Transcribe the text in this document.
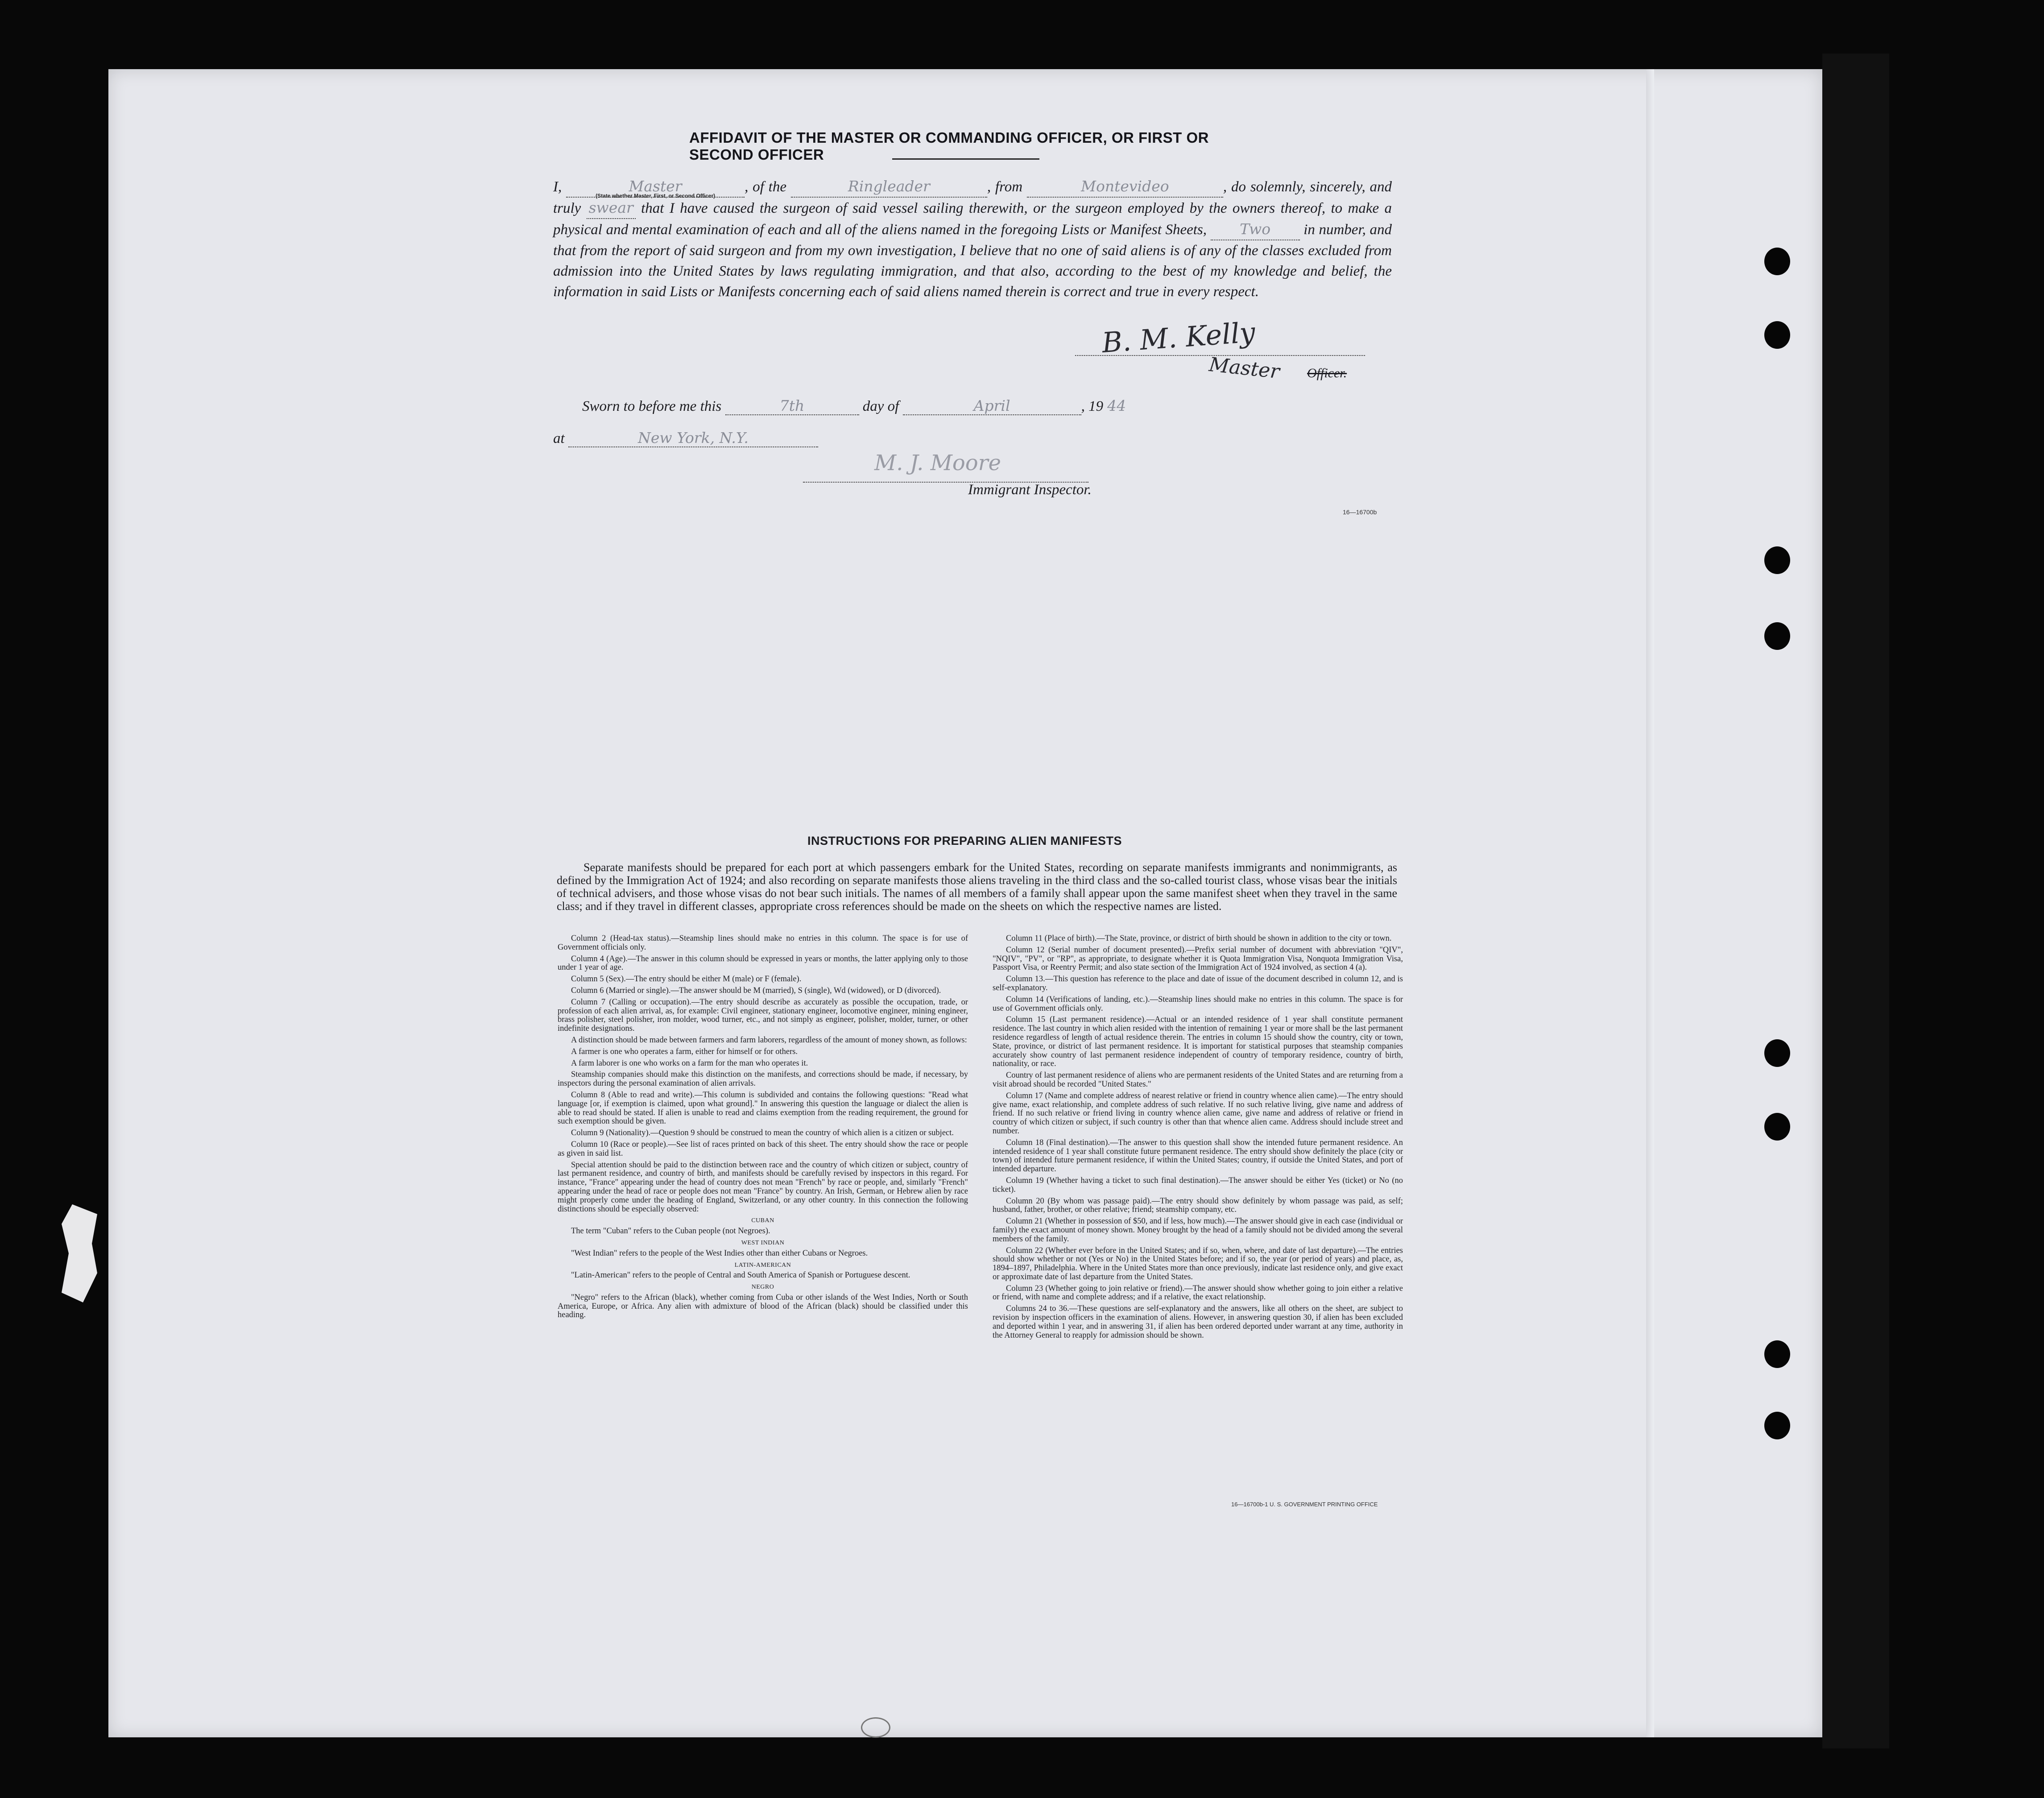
AFFIDAVIT OF THE MASTER OR COMMANDING OFFICER, OR FIRST OR SECOND OFFICER
I,	Master
(State whether Master, First, or Second Officer)
, of the	Ringleader	, from	Montevideo	, do solemnly, sincerely, and truly swear that I have caused the surgeon of said vessel sailing therewith, or the surgeon employed by the owners thereof, to make a physical and mental examination of each and all of the aliens named in the foregoing Lists or Manifest Sheets, Two in number, and that from the report of said surgeon and from my own investigation, I believe that no one of said aliens is of any of the classes excluded from admission into the United States by laws regulating immigration, and that also, according to the best of my knowledge and belief, the information in said Lists or Manifests concerning each of said aliens named therein is correct and true in every respect.
B. M. Kelly
Master Officer.
Sworn to before me this	7th	day of	April	, 19 44
at	New York, N.Y.
M. J. Moore
Immigrant Inspector.
16—16700b
INSTRUCTIONS FOR PREPARING ALIEN MANIFESTS
Separate manifests should be prepared for each port at which passengers embark for the United States, recording on separate manifests immigrants and nonimmigrants, as defined by the Immigration Act of 1924; and also recording on separate manifests those aliens traveling in the third class and the so-called tourist class, whose visas bear the initials of technical advisers, and those whose visas do not bear such initials. The names of all members of a family shall appear upon the same manifest sheet when they travel in the same class; and if they travel in different classes, appropriate cross references should be made on the sheets on which the respective names are listed.

Column 2 (Head-tax status).—Steamship lines should make no entries in this column. The space is for use of Government officials only.

Column 4 (Age).—The answer in this column should be expressed in years or months, the latter applying only to those under 1 year of age.

Column 5 (Sex).—The entry should be either M (male) or F (female).

Column 6 (Married or single).—The answer should be M (married), S (single), Wd (widowed), or D (divorced).

Column 7 (Calling or occupation).—The entry should describe as accurately as possible the occupation, trade, or profession of each alien arrival, as, for example: Civil engineer, stationary engineer, locomotive engineer, mining engineer, brass polisher, steel polisher, iron molder, wood turner, etc., and not simply as engineer, polisher, molder, turner, or other indefinite designations.

A distinction should be made between farmers and farm laborers, regardless of the amount of money shown, as follows:

A farmer is one who operates a farm, either for himself or for others.

A farm laborer is one who works on a farm for the man who operates it.

Steamship companies should make this distinction on the manifests, and corrections should be made, if necessary, by inspectors during the personal examination of alien arrivals.

Column 8 (Able to read and write).—This column is subdivided and contains the following questions: "Read what language [or, if exemption is claimed, upon what ground]." In answering this question the language or dialect the alien is able to read should be stated. If alien is unable to read and claims exemption from the reading requirement, the ground for such exemption should be given.

Column 9 (Nationality).—Question 9 should be construed to mean the country of which alien is a citizen or subject.

Column 10 (Race or people).—See list of races printed on back of this sheet. The entry should show the race or people as given in said list.

Special attention should be paid to the distinction between race and the country of which citizen or subject, country of last permanent residence, and country of birth, and manifests should be carefully revised by inspectors in this regard. For instance, "France" appearing under the head of country does not mean "French" by race or people, and, similarly "French" appearing under the head of race or people does not mean "France" by country. An Irish, German, or Hebrew alien by race might properly come under the heading of England, Switzerland, or any other country. In this connection the following distinctions should be especially observed:

CUBAN

The term "Cuban" refers to the Cuban people (not Negroes).

WEST INDIAN

"West Indian" refers to the people of the West Indies other than either Cubans or Negroes.

LATIN-AMERICAN

"Latin-American" refers to the people of Central and South America of Spanish or Portuguese descent.

NEGRO

"Negro" refers to the African (black), whether coming from Cuba or other islands of the West Indies, North or South America, Europe, or Africa. Any alien with admixture of blood of the African (black) should be classified under this heading.

Column 11 (Place of birth).—The State, province, or district of birth should be shown in addition to the city or town.

Column 12 (Serial number of document presented).—Prefix serial number of document with abbreviation "QIV", "NQIV", "PV", or "RP", as appropriate, to designate whether it is Quota Immigration Visa, Nonquota Immigration Visa, Passport Visa, or Reentry Permit; and also state section of the Immigration Act of 1924 involved, as section 4 (a).

Column 13.—This question has reference to the place and date of issue of the document described in column 12, and is self-explanatory.

Column 14 (Verifications of landing, etc.).—Steamship lines should make no entries in this column. The space is for use of Government officials only.

Column 15 (Last permanent residence).—Actual or an intended residence of 1 year shall constitute permanent residence. The last country in which alien resided with the intention of remaining 1 year or more shall be the last permanent residence regardless of length of actual residence therein. The entries in column 15 should show the country, city or town, State, province, or district of last permanent residence. It is important for statistical purposes that steamship companies accurately show country of last permanent residence independent of country of temporary residence, country of birth, nationality, or race.

Country of last permanent residence of aliens who are permanent residents of the United States and are returning from a visit abroad should be recorded "United States."

Column 17 (Name and complete address of nearest relative or friend in country whence alien came).—The entry should give name, exact relationship, and complete address of such relative. If no such relative living, give name and address of friend. If no such relative or friend living in country whence alien came, give name and address of relative or friend in country of which citizen or subject, if such country is other than that whence alien came. Address should include street and number.

Column 18 (Final destination).—The answer to this question shall show the intended future permanent residence. An intended residence of 1 year shall constitute future permanent residence. The entry should show definitely the place (city or town) of intended future permanent residence, if within the United States; country, if outside the United States, and port of intended departure.

Column 19 (Whether having a ticket to such final destination).—The answer should be either Yes (ticket) or No (no ticket).

Column 20 (By whom was passage paid).—The entry should show definitely by whom passage was paid, as self; husband, father, brother, or other relative; friend; steamship company, etc.

Column 21 (Whether in possession of $50, and if less, how much).—The answer should give in each case (individual or family) the exact amount of money shown. Money brought by the head of a family should not be divided among the several members of the family.

Column 22 (Whether ever before in the United States; and if so, when, where, and date of last departure).—The entries should show whether or not (Yes or No) in the United States before; and if so, the year (or period of years) and place, as, 1894–1897, Philadelphia. Where in the United States more than once previously, indicate last residence only, and give exact or approximate date of last departure from the United States.

Column 23 (Whether going to join relative or friend).—The answer should show whether going to join either a relative or friend, with name and complete address; and if a relative, the exact relationship.

Columns 24 to 36.—These questions are self-explanatory and the answers, like all others on the sheet, are subject to revision by inspection officers in the examination of aliens. However, in answering question 30, if alien has been excluded and deported within 1 year, and in answering 31, if alien has been ordered deported under warrant at any time, authority in the Attorney General to reapply for admission should be shown.

16—16700b-1 U. S. GOVERNMENT PRINTING OFFICE
